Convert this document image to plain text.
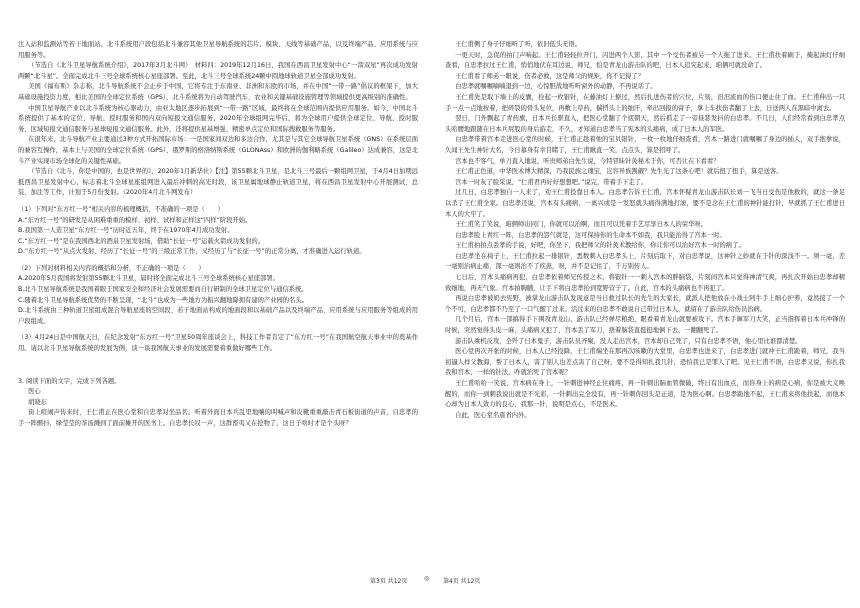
注入站和监测站等若干地面站。北斗系统用户段包括北斗兼容其他卫星导航系统的芯片、模块、天线等基础产品，以及终端产品、应用系统与应用服务等。

（节选自《北斗卫星导航系统介绍》，2017年3月北斗网）　材料四：2019年12月16日，我国在西昌卫星发射中心“一箭双星”再次成功发射两颗“北斗星”。全面完成北斗三号全球系统核心星座部署。至此，北斗三号全球系统24颗中圆地球轨道卫星全部成功发射。

美国《福布斯》杂志称，北斗导航系统不会止步于中国，它将专注于东南亚、非洲和东欧的市场，并在中国“一带一路”倡议的框架下，加大基础设施投资力度，相比美国的全球定位系统（GPS），北斗系统将为自动驾驶汽车、农业和关键基础设施管理等领域提供更高级别的准确性。

中国卫星导航产业以北斗系统为核心驱动力，由亚太地区逐步拓展到“一带一路”区域，最终将在全球范围内提供应用服务。如今，中国北斗系统提供了基本的定位、导航、授时服务和国内双向短报文通信服务，2020年全球组网完毕后，将为全球用户提供全球定位、导航、授时服务、区域短报文通信服务与星球短报文通信服务。此外，还将提供星基增强、精密单点定位和国际搜救服务等服务。

在很年来，北斗导航产业主要通过3种方式开拓国际市场：一是国家间双边和多边合作，尤其是与其它全球导航卫星系统（GNS）在系统层面的兼容互操作，基本上与美国的全球定位系统（GPS）、俄罗斯的格洛纳斯系统（GLONAss）和欧洲的伽利略系统（Galileo）达成兼容，这是北斗产业实现市场全球化的关键性基础。

（节选自《北斗，你是中国的，也是世界的》，2020年1月新华社）【注】第55颗北斗卫星，是北斗三号最后一颗组网卫星，于4月4日加期远抵西昌卫星发射中心，标志着北斗全球星座组网进入最后冲刺的高光时段，该卫星属地球静止轨道卫星，将在西昌卫星发射中心开展测试、总装、加注等工作，计划于5月份发射。（2020年4月北斗网发布）

（1）下列对“东方红一号”相关内容的梳理概括，不准确的一项是（　　）

A.“东方红一号”的研发是从困难重重的模样、初样、试样和正样这“四样”阶段开始。

B.我国第一人造卫星“东方红一号”历时近五年，终于在1970年4月成功发射。

C.“东方红一号”是在我国西北的酒泉卫星发射场，借助“长征一号”运载火箭成功发射的。

D.“东方红一号”从点火发射、经历了“长征一号”的三级正常工作，又经历了与“长征一号”的正常分离，才准确进入运行轨道。

（2）下列对材料相关内容的概括和分析，不正确的一项是（　　）

A.2020年5月我国将发射第55颗北斗卫星，届时将全面完成北斗三号全球系统核心星座部署。

B.北斗卫星导航系统是我国着眼于国家安全和经济社会发展需要而自行研制的全球卫星定位与通信系统。

C.随着北斗卫星导航系统优势的不断呈现，“北斗”也成为一些地方为振兴翻地降拥有建的产业园的名头。

D.北斗系统由三种轨道卫星组成混合导航星座的空间段、若干地面站构成的地面段和以基础产品以及终端产品、应用系统与应用服务等组成的用户段组成。

（3）4月24日是中国航天日，在纪念发射“东方红一号”卫星50周年座谈会上，科技工作者肯定了“东方红一号”在我国航空航天事业中的奠基作用。请以北斗卫星导航系统的发展为例，谈一谈我国航天事业的发展需要着重做好哪些工作。

3. 阅读下面的文字，完成下列各题。

医心

胡晓东

街上喧闹声传来时，王仁甫正在医心堂和自忠孝对坐品茗。听着外面日本兵乱里地嚷的叫喊声和皮靴重重敲击青石板街道的声音，自忠孝的手一阵颤抖，绿莹莹的茶汤溅到了面前摊开的医书上。自忠孝长叹一声，这群畜夷又在抢物了，这日子啥时才是个头呀？

王仁甫侧了身子仔细听了听，依旧低头无语。

一更天时，急促的拍门声响起。王仁甫轻轻拉开门，闪进两个人影，其中一个受伤者被另一个人拖了进来。王仁甫扶着刷于，掩起油灯仔细查看，自忠孝拉过王仁甫，悄悄地伏在耳边说，师兄，怕是青龙山游击队的吧，日本人追究起来，咱俩可就没命了。

王仁甫看了师弟一眼说，伤者必救，这是师父的规矩，你不记得了？

白忠孝就嘱嘱喃喃退到一边，心惊胆战地听听窗外的动静，不再说话了。

王仁甫先是取下墙上的皮囊，拴起一枚银针，在藤油灯上撩过，然后扎进伤者的穴位，片刻，汨汨流血的伤口便止住了血。王仁甫伸出一只手一点一点地按着，把碎裂的骨头复位，再敷上草药，揣捋头上的细汗，牵出回报的膏子，拿上车扶伤者翻了上去，日送两人在黑暗中离去。

翌日，门外飘起了青药旗，日本兵长驱直入，把医心堂翻了个底朝天，然后抓走了一旁昼瑟发抖的白忠孝。不几日，人们经常看到白忠孝点头哈腰地跟随在日本兵屁股的身后游走，不久，才知道白忠孝当了宪本的头痛病，成了日本人的军医。

白忠孝带着宫本走进医心堂的时候，王仁甫正趁着他的宝贝银针，一枚一枚地仔细查看，宫本一路进门就嘱嘱了身边的插人，双手抱拳说，久闻王先生神针大名，今日慕身有幸目睹了，王仁甫瞅直一笑，点点头，算是招呼了。

宫本也不客气，单刀直入地说，听贵师弟白先生说，今特冒昧针灸秘术于你，可否让在下看看？

王仁甫正色道，中华医术博大精深，乃我民族之瑰宝，岂容异族觊觎？先生光了这条心吧！就后扭了扭手，算是送客。

宫本一时灰了脸采说，“仁甫君再好好想想吧。”说完，带着手下走了。

过几日，白忠孝独自一人来了，劝王仁甫投靠日本人。白忠孝告诉王仁甫，宫本怀疑青龙山游击队长刘一飞当日受伤是他救的，就这一条足以杀了王仁甫全家。白忠孝还说，宫本有头痛病，一离兴或是一发怒就头痛得满地打滚，要不是念在王仁甫的神针能打针，早就抓了王仁甫进日本人的大牢了。

王仁甫笑了笑说，咱俩师出同门，你就可以治啊，而且可以凭着手艺尽享日本人的荣华呀。

白忠孝脸上青红一阵，白忠孝的怨气就是，这可保持你的生命本不如我，我只能治得了宫本一时。

王仁甫拍拍点丢孝的手说，好吧，你坐下，我把师父的针灸术教给你，你让你可以治好宫本一时的病了。

白忠孝坐在椅子上，王仁甫拉起一排银针，悉数刺入白忠孝头上，片刻后取下，对白忠孝说，这神针之妙就在于针的深浅不一。须一毫，差一毫则治病止痛，深一毫则治不了疾患，呀，并不是记住了，千万别传人。

七日后，宫本头痛病再犯，白忠孝依着师兄传授之术，将银针一一刺入宫本的胖脑袋，片刻间宫本只觉得神清气爽，再扎次开始白忠孝却精致细地，再无气象。宫本拍胸脯，让手下将白忠孝抬到宽野营子了。自此，宫本的头痛病也不再犯了。

再说白忠孝被奶去宪野，被掌龙山游击队发现意是当日救过队长的先生的大家长，就派人把他放在小战士阿牛手上细心护养，竟然接了一个个不可，白忠孝都不乃至了一口气醒了过来。活过来的白忠孝不敢说自己带过日本人，就留在了游击队给伤员治病。

几个月后，宫本一部搞得手下围攻青龙山，游击队已经弹尽粮绝，眼看着青龙山就要被攻下。宫本手舞军刀大笑，正当指挥着日本兵冲锋的时候，突然觉得头皮一麻，头痛病又犯了，宫本丢了军刀，捂着脑袋直挺挺地倒下去，一翻翻死了。

游击队乘机反攻，全歼了日本鬼子，游击队员齐聚，没人走出宫本，宫本却自己死了，只有白忠孝不语，他心里比谁都清楚。

医心堂再次开张的时候，日本人已经投降，王仁甫端坐在那再次咳嗽的大堂里，白忠孝也进来了，白忠孝进门就冲王仁甫跪着，师兄，我当初逼人样父教海，帮了日本人，害了别人也差点害了自己呀，要不是得知扎我几针，恐怕我已是罪人了吧。见王仁甫不语，白忠孝又说，你扎我我和宫本，一样的针法，咋就治死了宫本呢？

王仁甫哈哈一笑说，宫本病在身上，一针刺进神经止住痛疼，再一针刺出脑血管微破，终日有出血点，而你身上的病是心病，你是被大义唤醒的，而你一到刺我说出就是不光彩，一针刺出完全没有，再一针刺你回头是正道，是为医心啊。白忠孝跪地不起，王仁甫来将他扶起，而他本心却为日本人效力的良心，我那一针，说明是点心，不是医术。

自此，医心堂名震省内外。

第3页 共12页	◎ 第4页 共12页
